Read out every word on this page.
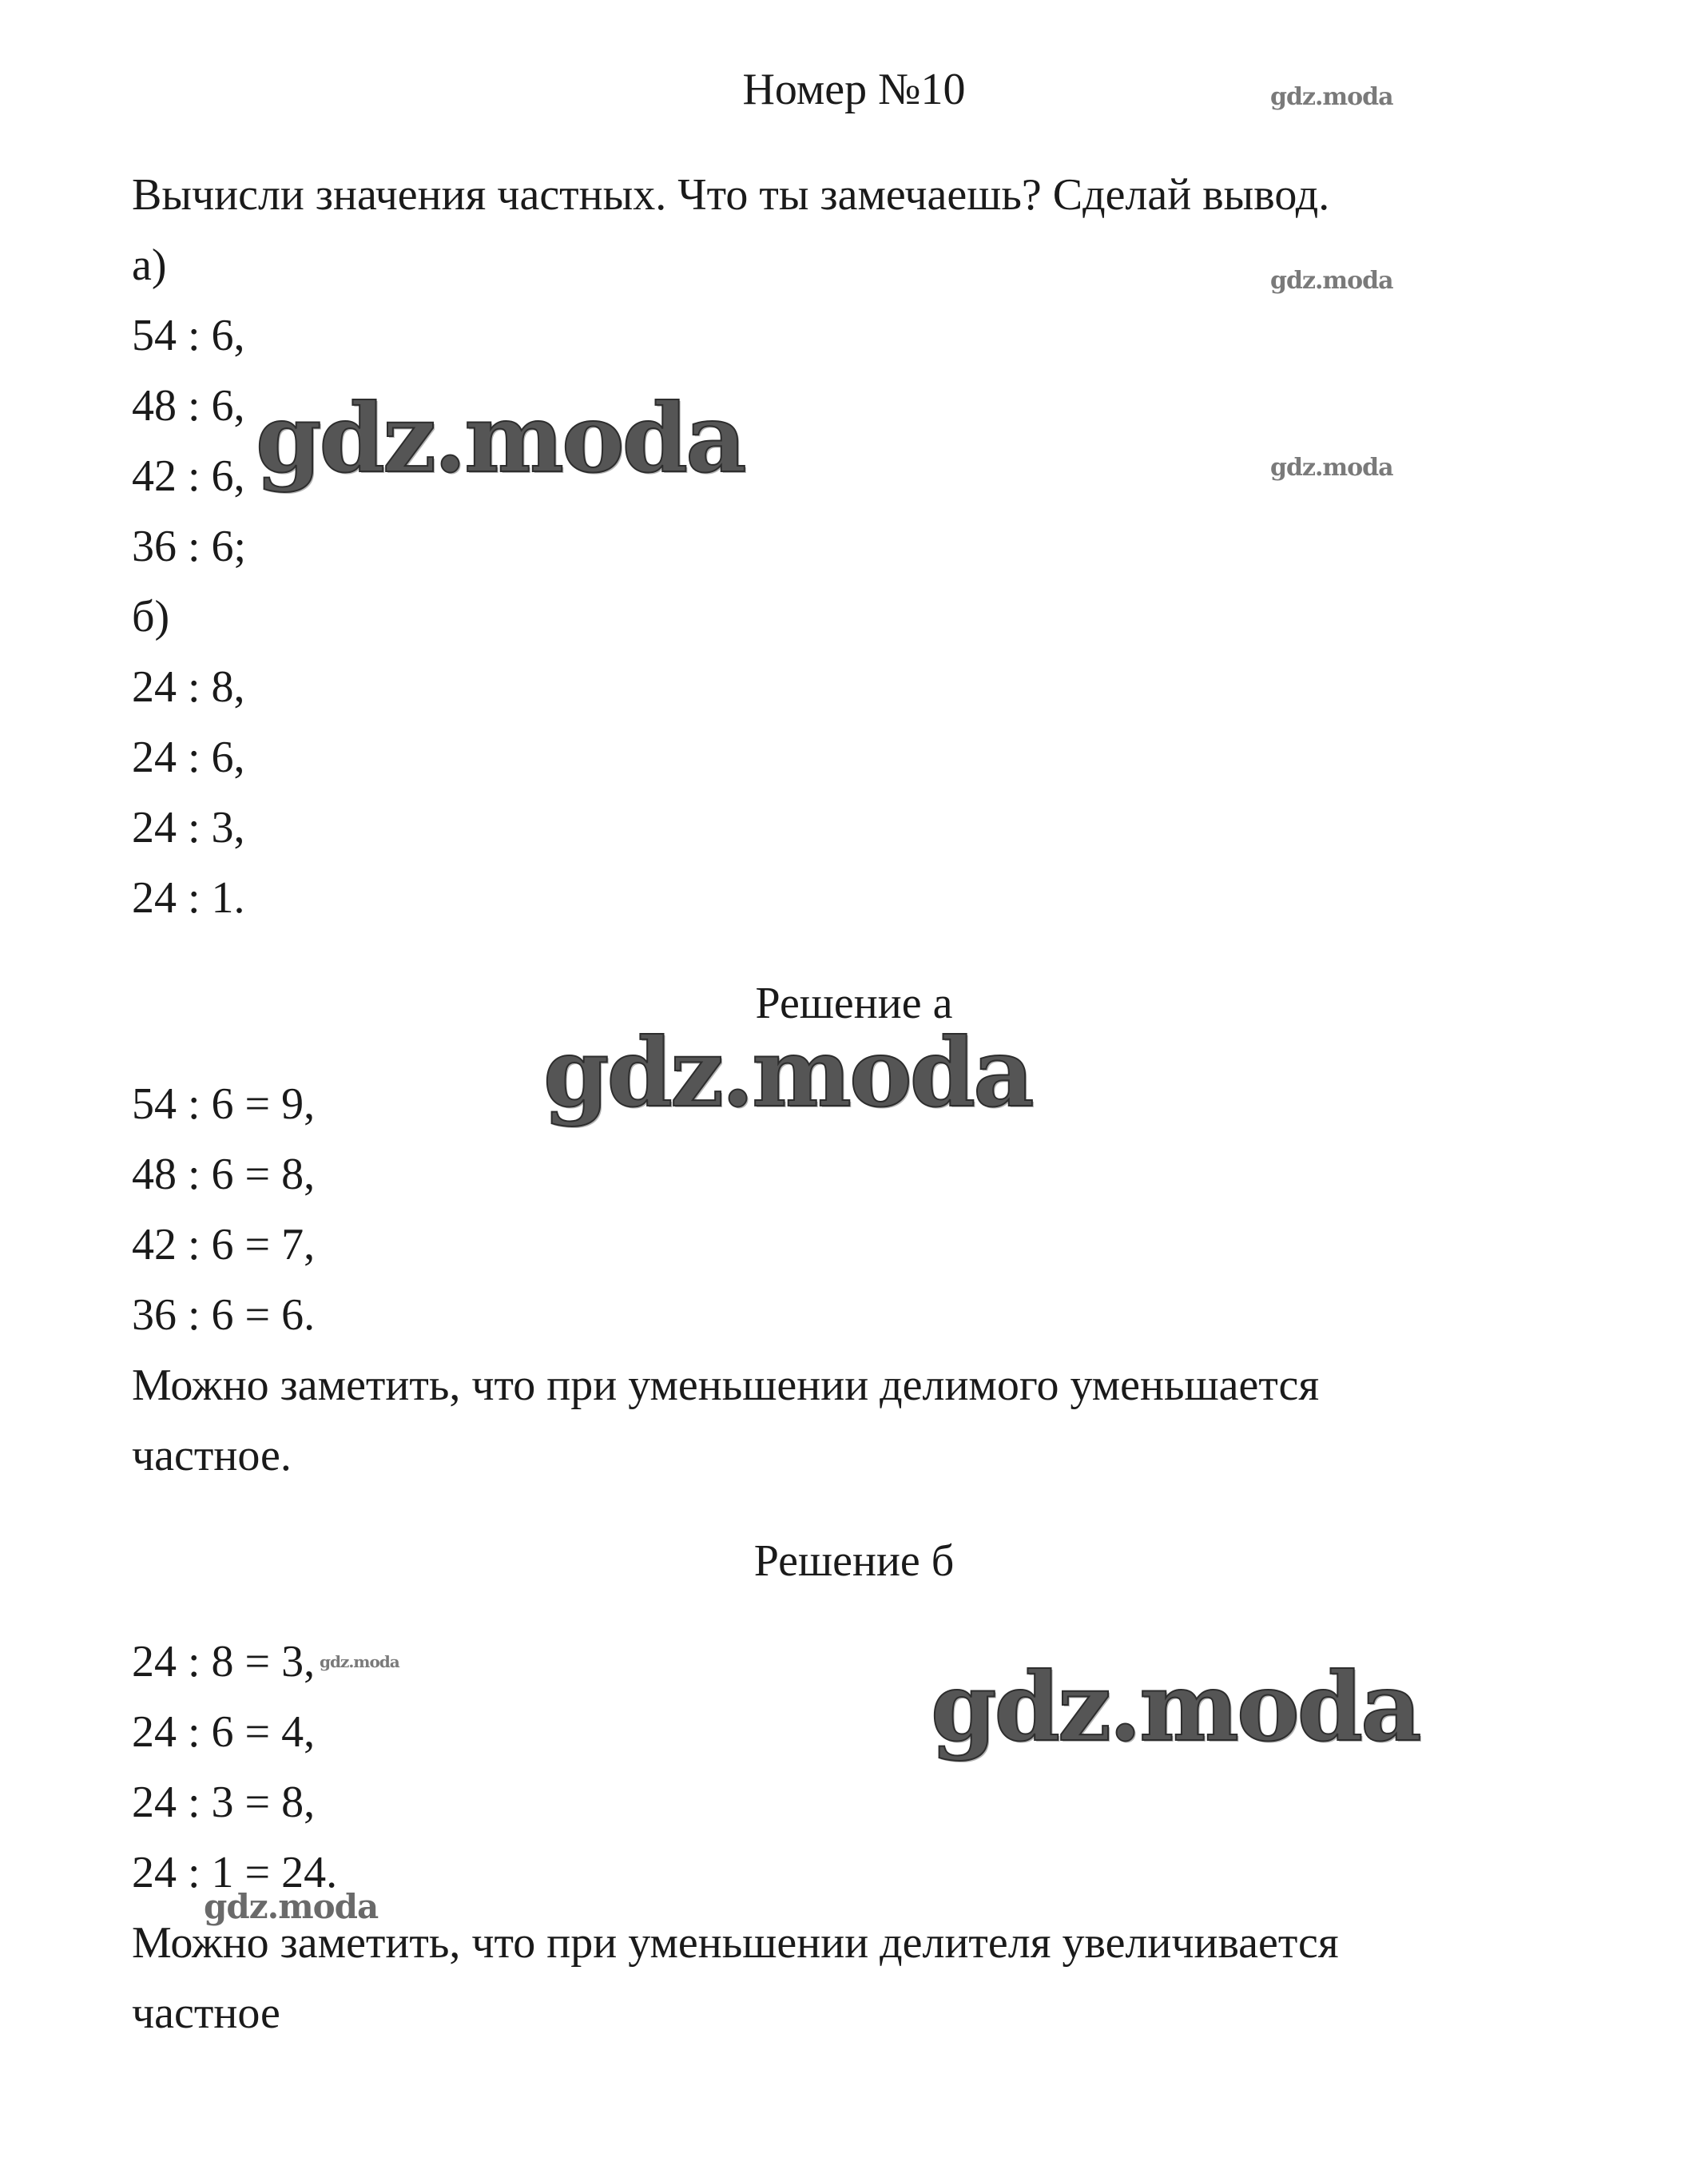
Номер №10
Вычисли значения частных. Что ты замечаешь? Сделай вывод.
а)
54 : 6,
48 : 6,
42 : 6,
36 : 6;
б)
24 : 8,
24 : 6,
24 : 3,
24 : 1.
Решение а
54 : 6 = 9,
48 : 6 = 8,
42 : 6 = 7,
36 : 6 = 6.
Можно заметить, что при уменьшении делимого уменьшается
частное.
Решение б
24 : 8 = 3,
24 : 6 = 4,
24 : 3 = 8,
24 : 1 = 24.
Можно заметить, что при уменьшении делителя увеличивается
частное
gdz.moda
gdz.moda
gdz.moda
gdz.moda
gdz.moda
gdz.moda
gdz.moda
gdz.moda
